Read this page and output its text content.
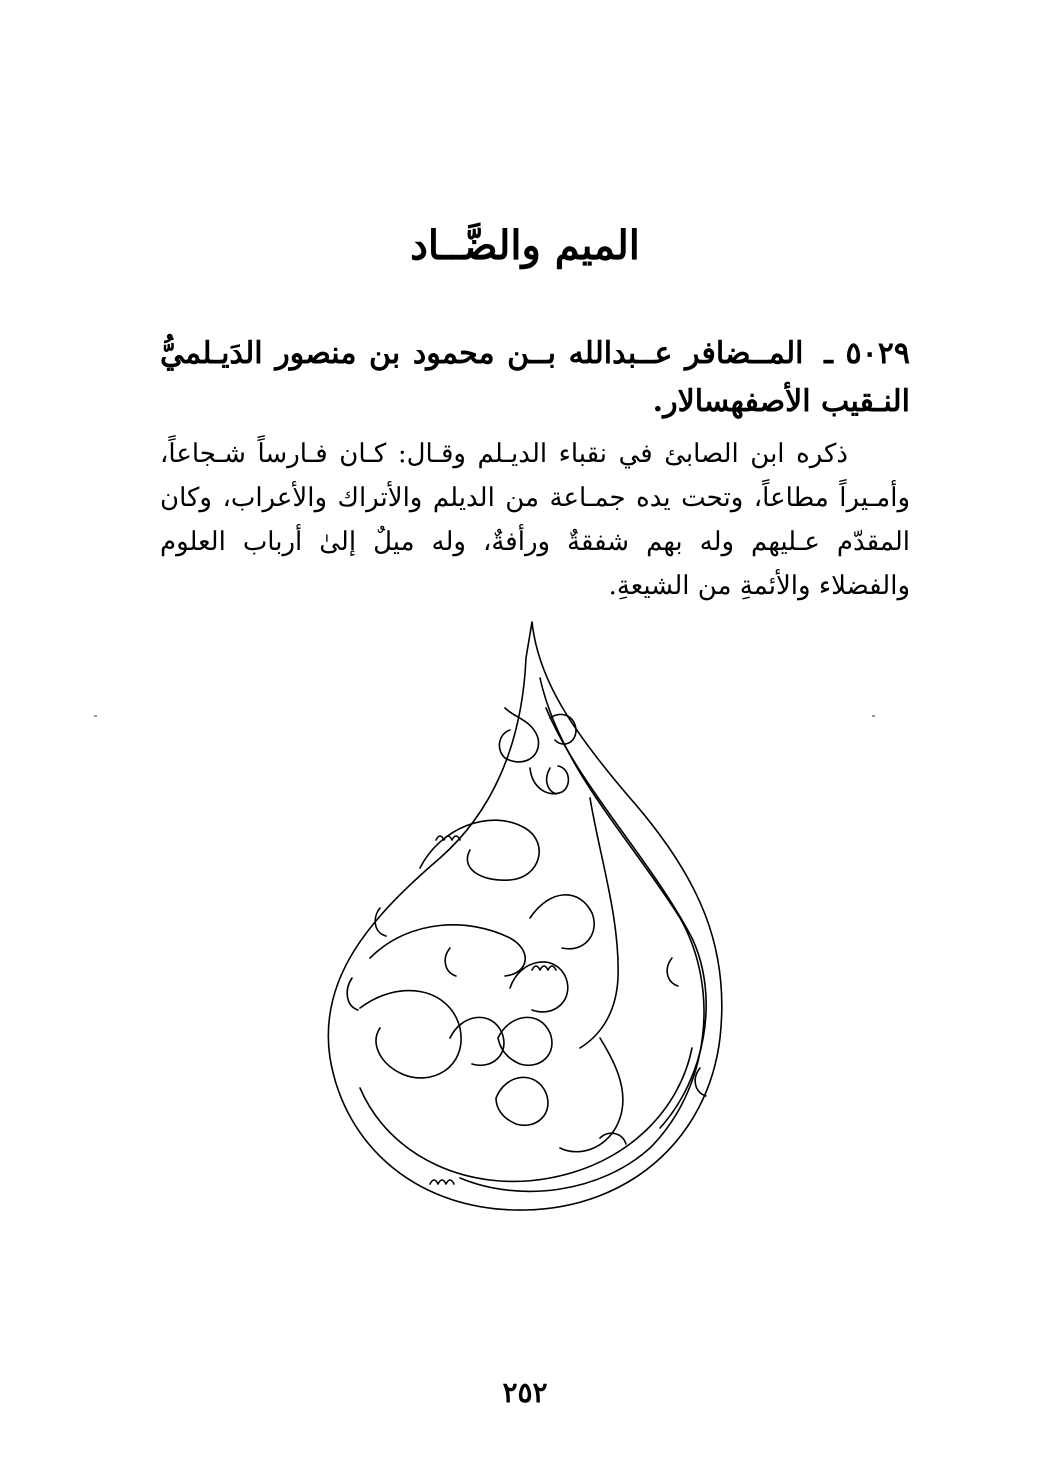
الميم والضَّــاد
٥٠٢٩ ـ المــضافر عــبدالله بــن محمود بن منصور الدَيـلميُّ النـقيب الأصفهسالار.
ذكره ابن الصابئ في نقباء الديـلم وقـال: كـان فـارساً شـجاعاً، وأمـيراً مطاعاً، وتحت يده جمـاعة من الديلم والأتراك والأعراب، وكان المقدّم عـليهم وله بهم شفقةٌ ورأفةٌ، وله ميلٌ إلىٰ أرباب العلوم والفضلاء والأئمةِ من الشيعةِ.
٢٥٢
